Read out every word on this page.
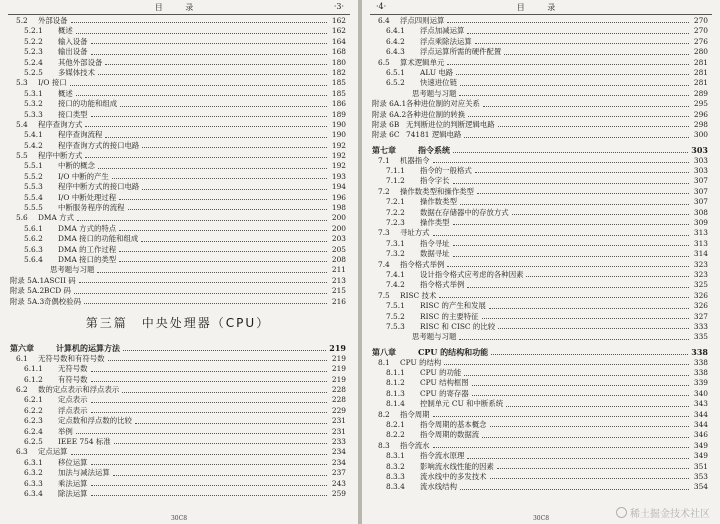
目 录	·3·
5.2	外部设备	162
5.2.1	概述	162
5.2.2	输入设备	164
5.2.3	输出设备	168
5.2.4	其他外部设备	180
5.2.5	多媒体技术	182
5.3	I/O 接口	185
5.3.1	概述	185
5.3.2	接口的功能和组成	186
5.3.3	接口类型	189
5.4	程序查询方式	190
5.4.1	程序查询流程	190
5.4.2	程序查询方式的接口电路	192
5.5	程序中断方式	192
5.5.1	中断的概念	192
5.5.2	I/O 中断的产生	193
5.5.3	程序中断方式的接口电路	194
5.5.4	I/O 中断处理过程	196
5.5.5	中断服务程序的流程	198
5.6	DMA 方式	200
5.6.1	DMA 方式的特点	200
5.6.2	DMA 接口的功能和组成	203
5.6.3	DMA 的工作过程	205
5.6.4	DMA 接口的类型	208
思考题与习题	211
附录 5A.1 ASCII 码	213
附录 5A.2 BCD 码	215
附录 5A.3 奇偶校验码	216
第三篇　中央处理器（CPU）
第六章	计算机的运算方法	219
6.1	无符号数和有符号数	219
6.1.1	无符号数	219
6.1.2	有符号数	219
6.2	数的定点表示和浮点表示	228
6.2.1	定点表示	228
6.2.2	浮点表示	229
6.2.3	定点数和浮点数的比较	231
6.2.4	举例	231
6.2.5	IEEE 754 标准	233
6.3	定点运算	234
6.3.1	移位运算	234
6.3.2	加法与减法运算	237
6.3.3	乘法运算	243
6.3.4	除法运算	259
30C8
·4·	目 录
6.4	浮点四则运算	270
6.4.1	浮点加减运算	270
6.4.2	浮点乘除法运算	276
6.4.3	浮点运算所需的硬件配置	280
6.5	算术逻辑单元	281
6.5.1	ALU 电路	281
6.5.2	快速进位链	281
思考题与习题	289
附录 6A.1 各种进位制的对应关系	295
附录 6A.2 各种进位制的转换	296
附录 6B 无判断进位的判断逻辑电路	298
附录 6C 74181 逻辑电路	300
第七章	指令系统	303
7.1	机器指令	303
7.1.1	指令的一般格式	303
7.1.2	指令字长	307
7.2	操作数类型和操作类型	307
7.2.1	操作数类型	307
7.2.2	数据在存储器中的存放方式	308
7.2.3	操作类型	309
7.3	寻址方式	313
7.3.1	指令寻址	313
7.3.2	数据寻址	314
7.4	指令格式举例	323
7.4.1	设计指令格式应考虑的各种因素	323
7.4.2	指令格式举例	325
7.5	RISC 技术	326
7.5.1	RISC 的产生和发展	326
7.5.2	RISC 的主要特征	327
7.5.3	RISC 和 CISC 的比较	333
思考题与习题	335
第八章	CPU 的结构和功能	338
8.1	CPU 的结构	338
8.1.1	CPU 的功能	338
8.1.2	CPU 结构框图	339
8.1.3	CPU 的寄存器	340
8.1.4	控制单元 CU 和中断系统	343
8.2	指令周期	344
8.2.1	指令周期的基本概念	344
8.2.2	指令周期的数据流	346
8.3	指令流水	349
8.3.1	指令流水原理	349
8.3.2	影响流水线性能的因素	351
8.3.3	流水线中的多发技术	353
8.3.4	流水线结构	354
30C8	稀土掘金技术社区
